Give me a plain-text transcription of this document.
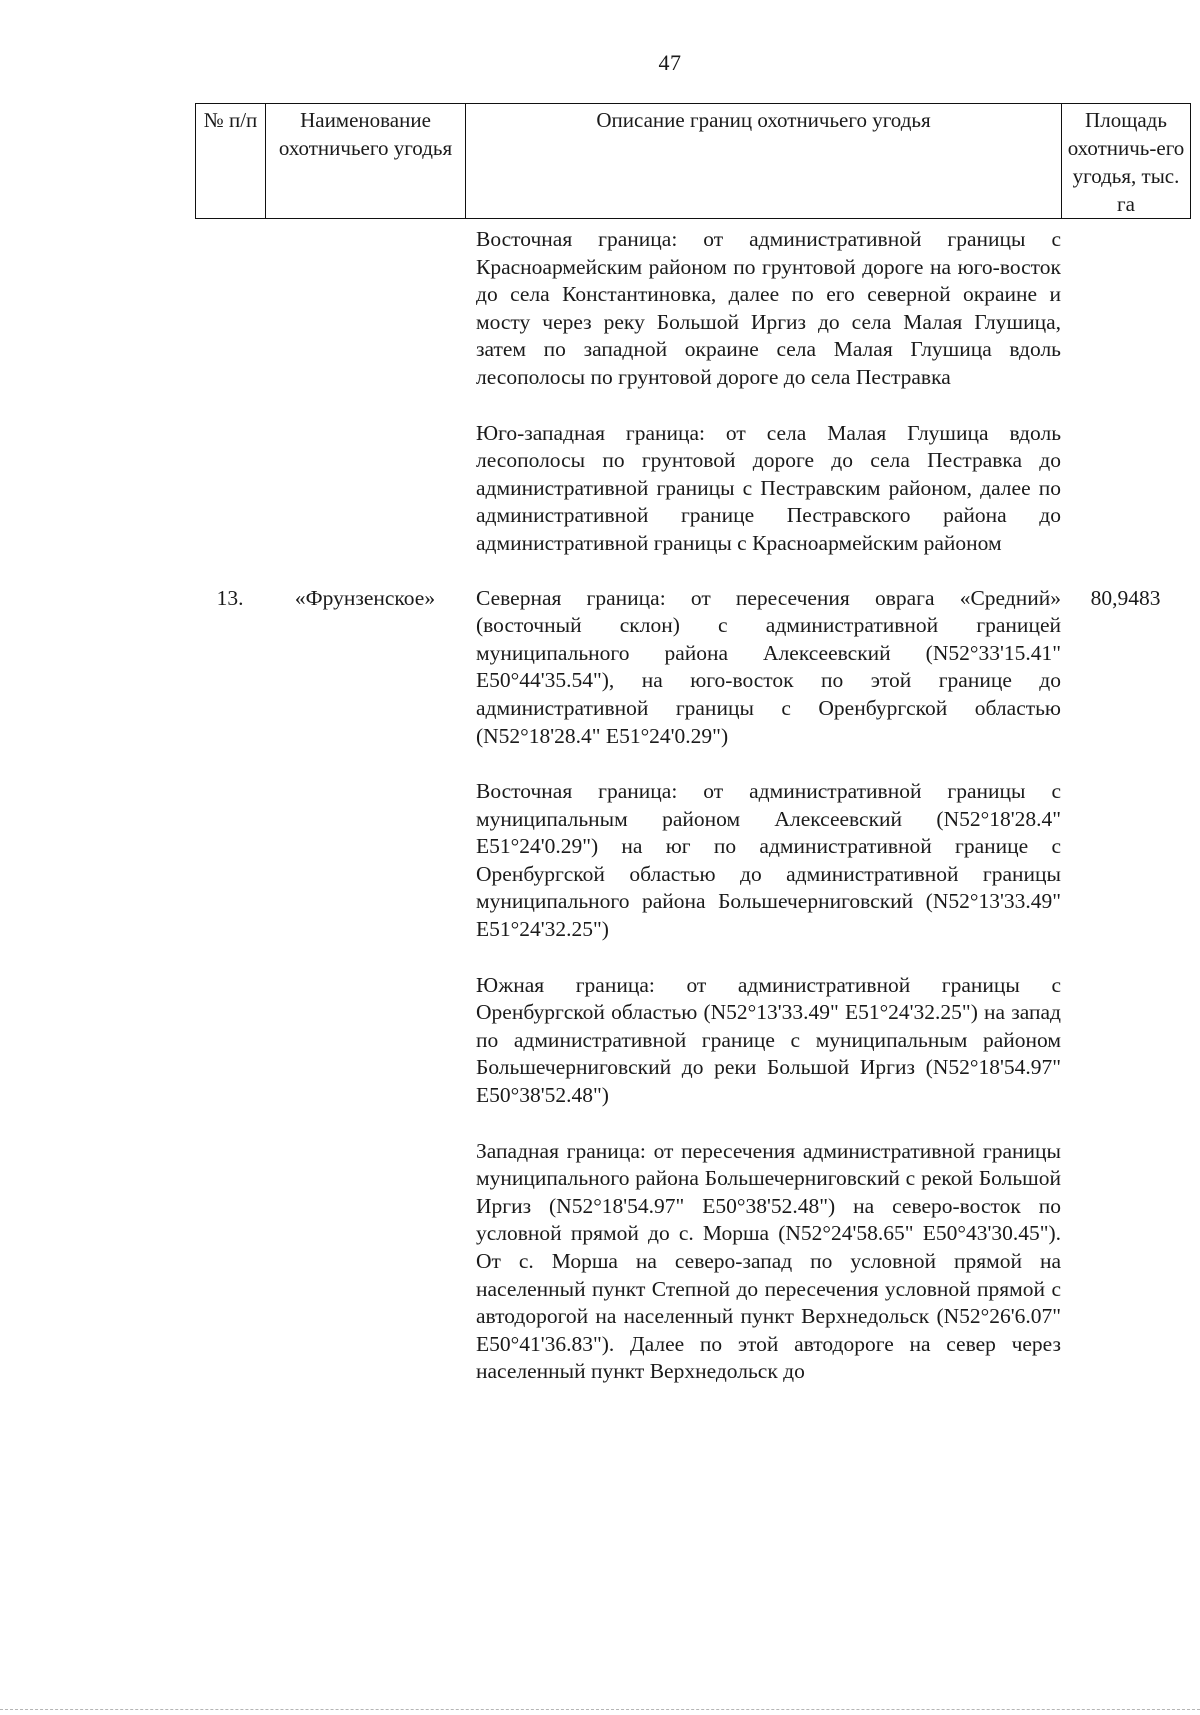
47
№ п/п	Наименование охотничьего угодья	Описание границ охотничьего угодья	Площадь охотничь-его угодья, тыс. га

		Восточная граница: от административной границы с Красноармейским районом по грунтовой дороге на юго-восток до села Константиновка, далее по его северной окраине и мосту через реку Большой Иргиз до села Малая Глушица, затем по западной окраине села Малая Глушица вдоль лесополосы по грунтовой дороге до села Пестравка

Юго-западная граница: от села Малая Глушица вдоль лесополосы по грунтовой дороге до села Пестравка до административной границы с Пестравским районом, далее по административной границе Пестравского района до административной границы с Красноармейским районом	

13.	«Фрунзенское»	Северная граница: от пересечения оврага «Средний» (восточный склон) с административной границей муниципального района Алексеевский (N52°33'15.41" E50°44'35.54"), на юго-восток по этой границе до административной границы с Оренбургской областью (N52°18'28.4" E51°24'0.29")

Восточная граница: от административной границы с муниципальным районом Алексеевский (N52°18'28.4" E51°24'0.29") на юг по административной границе с Оренбургской областью до административной границы муниципального района Большечерниговский (N52°13'33.49" E51°24'32.25")

Южная граница: от административной границы с Оренбургской областью (N52°13'33.49" E51°24'32.25") на запад по административной границе с муниципальным районом Большечерниговский до реки Большой Иргиз (N52°18'54.97" E50°38'52.48")

Западная граница: от пересечения административной границы муниципального района Большечерниговский с рекой Большой Иргиз (N52°18'54.97" E50°38'52.48") на северо-восток по условной прямой до с. Морша (N52°24'58.65" E50°43'30.45"). От с. Морша на северо-запад по условной прямой на населенный пункт Степной до пересечения условной прямой с автодорогой на населенный пункт Верхнедольск (N52°26'6.07" E50°41'36.83"). Далее по этой автодороге на север через населенный пункт Верхнедольск до	80,9483
